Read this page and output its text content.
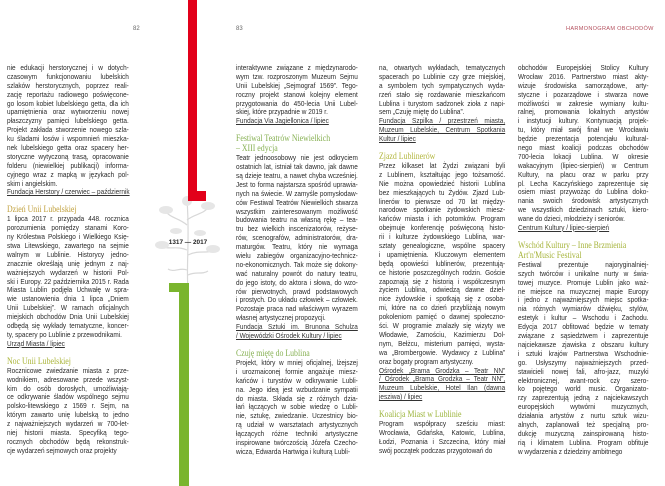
82	83	HARMONOGRAM OBCHODÓW
1317 — 2017
nie edukacji herstorycznej i w dotych-
czasowym funkcjonowaniu lubelskich
szlaków herstorycznych, poprzez reali-
zację reportażu radiowego poświęcone-
go losom kobiet lubelskiego getta, dla ich
upamiętnienia oraz wytworzeniu nowej
płaszczyzny pamięci lubelskiego getta.
Projekt zakłada stworzenie nowego szla-
ku śladami losów i wspomnień mieszka-
nek lubelskiego getta oraz spacery her-
storyczne wytyczoną trasą, opracowanie
folderu (niewielkiej publikacji) informa-
cyjnego wraz z mapką w językach pol-
skim i angielskim.
Fundacja Herstory / czerwiec – październik
Dzień Unii Lubelskiej
1 lipca 2017 r. przypada 448. rocznica
porozumienia pomiędzy stanami Koro-
ny Królestwa Polskiego i Wielkiego Księ-
stwa Litewskiego, zawartego na sejmie
walnym w Lublinie. Historycy jedno-
znacznie określają unię jednym z naj-
ważniejszych wydarzeń w historii Pol-
ski i Europy. 22 października 2015 r. Rada
Miasta Lublin podjęła Uchwałę w spra-
wie ustanowienia dnia 1 lipca „Dniem
Unii Lubelskiej”. W ramach oficjalnych
miejskich obchodów Dnia Unii Lubelskiej
odbędą się wykłady tematyczne, koncer-
ty, spacery po Lublinie z przewodnikami.
Urząd Miasta / lipiec
Noc Unii Lubelskiej
Rocznicowe zwiedzanie miasta z prze-
wodnikiem, adresowane przede wszyst-
kim do osób dorosłych, umożliwiają-
ce odkrywanie śladów wspólnego sejmu
polsko-litewskiego z 1569 r. Sejm, na
którym zawarto unię lubelską to jedno
z najważniejszych wydarzeń w 700-let-
niej historii miasta. Specyfiką tego-
rocznych obchodów będą rekonstruk-
cje wydarzeń sejmowych oraz projekty
interaktywne związane z międzynarodo-
wym tzw. rozproszonym Muzeum Sejmu
Unii Lubelskiej „Sejmograf 1569”. Tego-
roczny projekt stanowi kolejny element
przygotowania do 450-lecia Unii Lubel-
skiej, które przypadnie w 2019 r.
Fundacja Via Jagiellonica / lipiec
Festiwal Teatrów Niewielkich
– XIII edycja
Teatr jednoosobowy nie jest odkryciem
ostatnich lat, istniał tak dawno, jak dawne
są dzieje teatru, a nawet chyba wcześniej.
Jest to forma najstarsza spośród uprawia-
nych na świecie. W zamyśle pomysłodaw-
ców Festiwal Teatrów Niewielkich stwarza
wszystkim zainteresowanym możliwość
budowania teatru na własną rękę – tea-
tru bez wielkich inscenizatorów, reżyse-
rów, scenografów, administratorów, dra-
maturgów. Teatru, który nie wymaga
wielu zabiegów organizacyjno-technicz-
no-ekonomicznych. Tak może się dokony-
wać naturalny powrót do natury teatru,
do jego istoty, do aktora i słowa, do wzo-
rów pierwotnych, prawd podstawowych
i prostych. Do układu człowiek – człowiek.
Pozostaje praca nad właściwym wyrazem
własnej artystycznej propozycji.
Fundacja Sztuki im. Brunona Schulza
/ Wojewódzki Ośrodek Kultury / lipiec
Czuję miętę do Lublina
Projekt, który w mniej oficjalnej, lżejszej
i urozmaiconej formie angażuje miesz-
kańców i turystów w odkrywanie Lubli-
na. Jego ideą jest wzbudzanie sympatii
do miasta. Składa się z różnych dzia-
łań łączących w sobie wiedzę o Lubli-
nie, sztukę, zwiedzanie. Uczestnicy bio-
rą udział w warsztatach artystycznych
łączących różne techniki artystyczne
inspirowane twórczością Józefa Czecho-
wicza, Edwarda Hartwiga i kulturą Lubli-
na, otwartych wykładach, tematycznych
spacerach po Lublinie czy grze miejskiej,
a symbolem tych sympatycznych wyda-
rzeń stało się rozdawanie mieszkańcom
Lublina i turystom sadzonek zioła z napi-
sem „Czuję miętę do Lublina”.
Fundacja Szpilka / przestrzeń miasta,
Muzeum Lubelskie, Centrum Spotkania
Kultur / lipiec
Zjazd Lublinerów
Przez kilkaset lat Żydzi związani byli
z Lublinem, kształtując jego tożsamość.
Nie można opowiedzieć historii Lublina
bez mieszkających tu Żydów. Zjazd Lub-
linerów to pierwsze od 70 lat między-
narodowe spotkanie żydowskich miesz-
kańców miasta i ich potomków. Program
obejmuje konferencję poświęconą histo-
rii i kulturze żydowskiego Lublina, war-
sztaty genealogiczne, wspólne spacery
i upamiętnienia. Kluczowym elementem
będą opowieści lublinerów, prezentują-
ce historie poszczególnych rodzin. Goście
zapoznają się z historią i współczesnym
życiem Lublina, odwiedzą dawne dziel-
nice żydowskie i spotkają się z osoba-
mi, które na co dzień przybliżają nowym
pokoleniom pamięć o dawnej społeczno-
ści. W programie znalazły się wizyty we
Włodawie, Zamościu, Kazimierzu Dol-
nym, Bełżcu, misterium pamięci, wysta-
wa „Brombergowie. Wydawcy z Lublina”
oraz bogaty program artystyczny.
Ośrodek „Brama Grodzka – Teatr NN”
/ Ośrodek „Brama Grodzka – Teatr NN”,
Muzeum Lubelskie, Hotel Ilan (dawna
jesziwa) / lipiec
Koalicja Miast w Lublinie
Program współpracy sześciu miast:
Wrocławia, Gdańska, Katowic, Lublina,
Łodzi, Poznania i Szczecina, który miał
swój początek podczas przygotowań do
obchodów Europejskiej Stolicy Kultury
Wrocław 2016. Partnerstwo miast akty-
wizuje środowiska samorządowe, arty-
styczne i pozarządowe i stwarza nowe
możliwości w zakresie wymiany kultu-
ralnej, promowania lokalnych artystów
i instytucji kultury. Kontynuacją projek-
tu, który miał swój finał we Wrocławiu
będzie prezentacja potencjału kultural-
nego miast koalicji podczas obchodów
700-lecia lokacji Lublina. W okresie
wakacyjnym (lipiec-sierpień) w Centrum
Kultury, na placu oraz w parku przy
pl. Lecha Kaczyńskiego zaprezentuje się
osiem miast przywożąc do Lublina doko-
nania swoich środowisk artystycznych
we wszystkich dziedzinach sztuki, kiero-
wane do dzieci, młodzieży i seniorów.
Centrum Kultury / lipiec-sierpień
Wschód Kultury – Inne Brzmienia
Art'n'Music Festival
Festiwal prezentuje najoryginalniej-
szych twórców i unikalne nurty w świa-
towej muzyce. Promuje Lublin jako waż-
ne miejsce na muzycznej mapie Europy
i jedno z najważniejszych miejsc spotka-
nia różnych wymiarów dźwięku, stylów,
estetyk i kultur – Wschodu i Zachodu.
Edycja 2017 obfitować będzie w tematy
związane z sąsiedztwem i zaprezentuje
najciekawsze zjawiska z obszaru kultury
i sztuki krajów Partnerstwa Wschodnie-
go. Usłyszymy najważniejszych przed-
stawicieli nowej fali, afro-jazz, muzyki
elektronicznej, avant-rock czy szero-
ko pojętego world music. Organizato-
rzy zaprezentują jedną z najciekawszych
europejskich wytwórni muzycznych,
działania artystów z nurtu sztuk wizu-
alnych, zaplanowali też specjalną pro-
dukcję muzyczną zainspirowaną histo-
rią i klimatem Lublina. Program obfituje
w wydarzenia z dziedziny ambitnego
